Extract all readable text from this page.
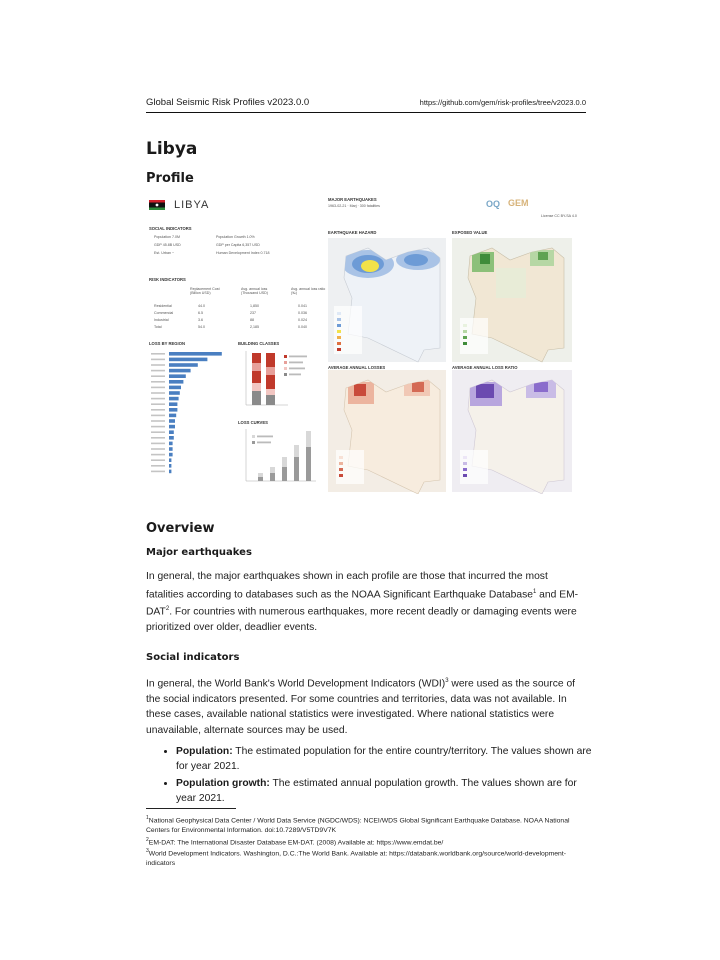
Global Seismic Risk Profiles v2023.0.0	https://github.com/gem/risk-profiles/tree/v2023.0.0
Libya
Profile
LIBYA
SOCIAL INDICATORS
Population 7.0M	Population Growth 1.0%
GDP 45.8B USD	GDP per Capita 6,357 USD
Est. Urban ~	Human Development Index 0.718
RISK INDICATORS
Replacement Cost (Billion USD)
Avg. annual loss (Thousand USD)
Avg. annual loss ratio (‰)
Residential	44.0	1,850	0.041
Commercial	6.5	237	0.036
Industrial	3.6	88	0.024
Total	54.0	2,185	0.040
LOSS BY REGION	BUILDING CLASSES
LOSS CURVES
MAJOR EARTHQUAKES
1963-02-21 · Marj · 300 fatalities	OQ GEM
License CC BY-SA 4.0
EARTHQUAKE HAZARD	EXPOSED VALUE
AVERAGE ANNUAL LOSSES	AVERAGE ANNUAL LOSS RATIO
Overview
Major earthquakes
In general, the major earthquakes shown in each profile are those that incurred the most fatalities according to databases such as the NOAA Significant Earthquake Database$^1$ and EM-DAT$^2$. For countries with numerous earthquakes, more recent deadly or damaging events were prioritized over older, deadlier events.
Social indicators
In general, the World Bank's World Development Indicators (WDI)$^3$ were used as the source of the social indicators presented. For some countries and territories, data was not available. In these cases, available national statistics were investigated. Where national statistics were unavailable, alternate sources may be used.
• Population: The estimated population for the entire country/territory. The values shown are for year 2021.
• Population growth: The estimated annual population growth. The values shown are for year 2021.
$^1$National Geophysical Data Center / World Data Service (NGDC/WDS): NCEI/WDS Global Significant Earthquake Database. NOAA National Centers for Environmental Information. doi:10.7289/V5TD9V7K
$^2$EM-DAT: The International Disaster Database EM-DAT. (2008) Available at: https://www.emdat.be/
$^3$World Development Indicators. Washington, D.C.:The World Bank. Available at: https://databank.worldbank.org/source/world-development-indicators
